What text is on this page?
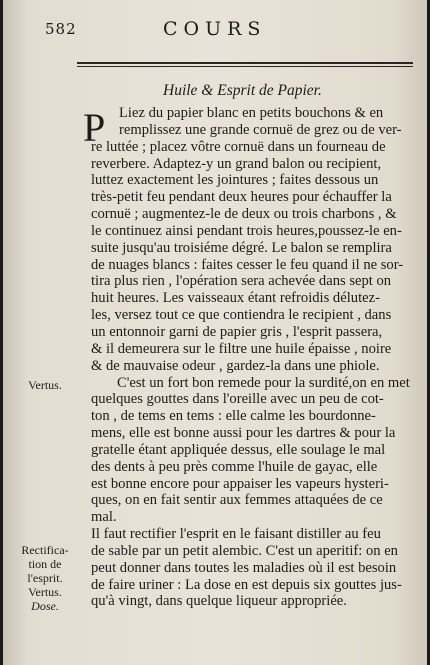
582	COURS
Huile & Esprit de Papier.
P Liez du papier blanc en petits bouchons & en
remplissez une grande cornuë de grez ou de ver-
re luttée ; placez vôtre cornuë dans un fourneau de
reverbere. Adaptez-y un grand balon ou recipient,
luttez exactement les jointures ; faites dessous un
très-petit feu pendant deux heures pour échauffer la
cornuë ; augmentez-le de deux ou trois charbons , &
le continuez ainsi pendant trois heures,poussez-le en-
suite jusqu'au troisiéme dégré. Le balon se remplira
de nuages blancs : faites cesser le feu quand il ne sor-
tira plus rien , l'opération sera achevée dans sept on
huit heures. Les vaisseaux étant refroidis délutez-
les, versez tout ce que contiendra le recipient , dans
un entonnoir garni de papier gris , l'esprit passera,
& il demeurera sur le filtre une huile épaisse , noire
& de mauvaise odeur , gardez-la dans une phiole.
C'est un fort bon remede pour la surdité,on en met
quelques gouttes dans l'oreille avec un peu de cot-
ton , de tems en tems : elle calme les bourdonne-
mens, elle est bonne aussi pour les dartres & pour la
gratelle étant appliquée dessus, elle soulage le mal
des dents à peu près comme l'huile de gayac, elle
est bonne encore pour appaiser les vapeurs hysteri-
ques, on en fait sentir aux femmes attaquées de ce
mal.
Il faut rectifier l'esprit en le faisant distiller au feu
de sable par un petit alembic. C'est un aperitif: on en
peut donner dans toutes les maladies où il est besoin
de faire uriner : La dose en est depuis six gouttes jus-
qu'à vingt, dans quelque liqueur appropriée.
Vertus.
Rectifica-
tion de
l'esprit.
Vertus.
Dose.
